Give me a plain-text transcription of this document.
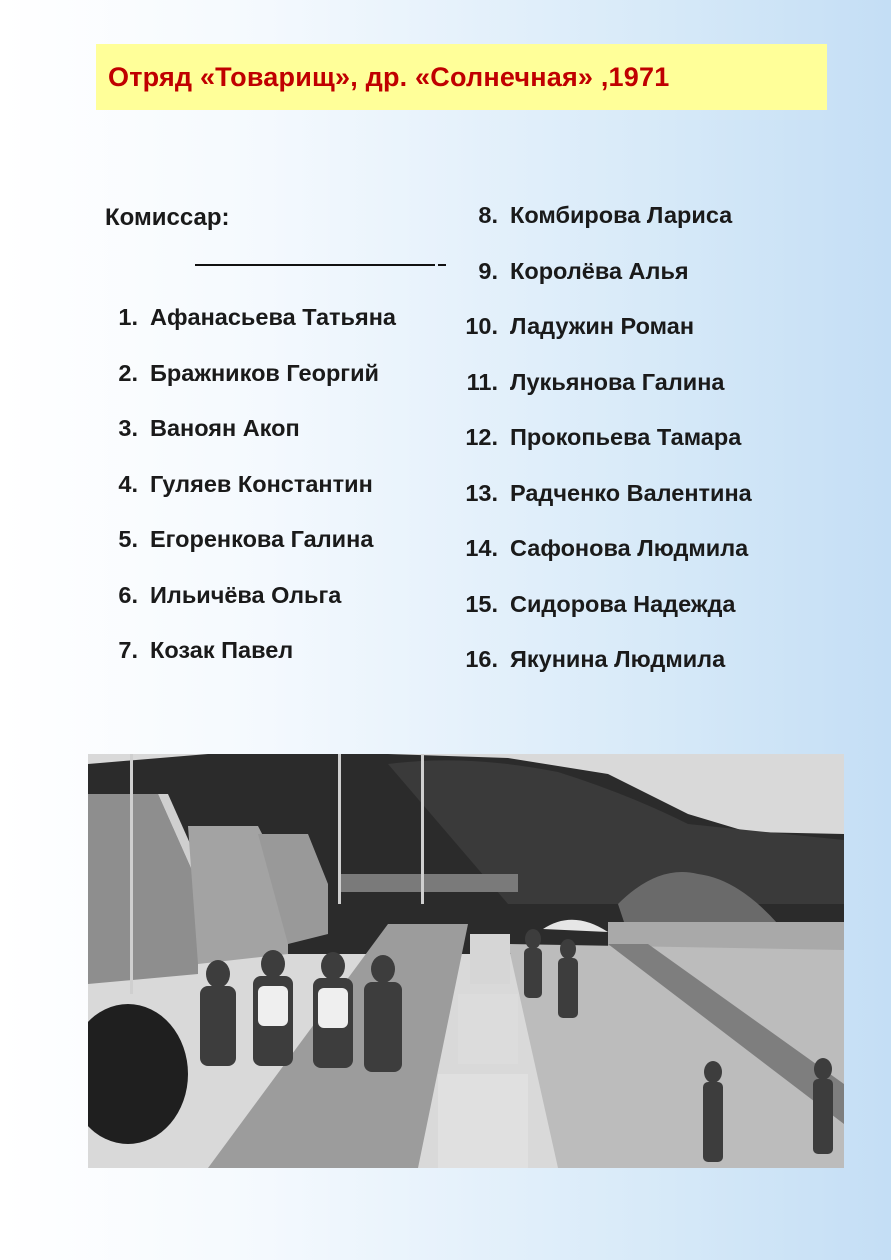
Отряд «Товарищ», др. «Солнечная» ,1971
Комиссар:
1. Афанасьева Татьяна
2. Бражников Георгий
3. Ваноян Акоп
4. Гуляев Константин
5. Егоренкова Галина
6. Ильичёва Ольга
7. Козак Павел
8. Комбирова Лариса
9. Королёва Алья
10. Ладужин Роман
11. Лукьянова Галина
12. Прокопьева Тамара
13. Радченко Валентина
14. Сафонова Людмила
15. Сидорова Надежда
16. Якунина Людмила
